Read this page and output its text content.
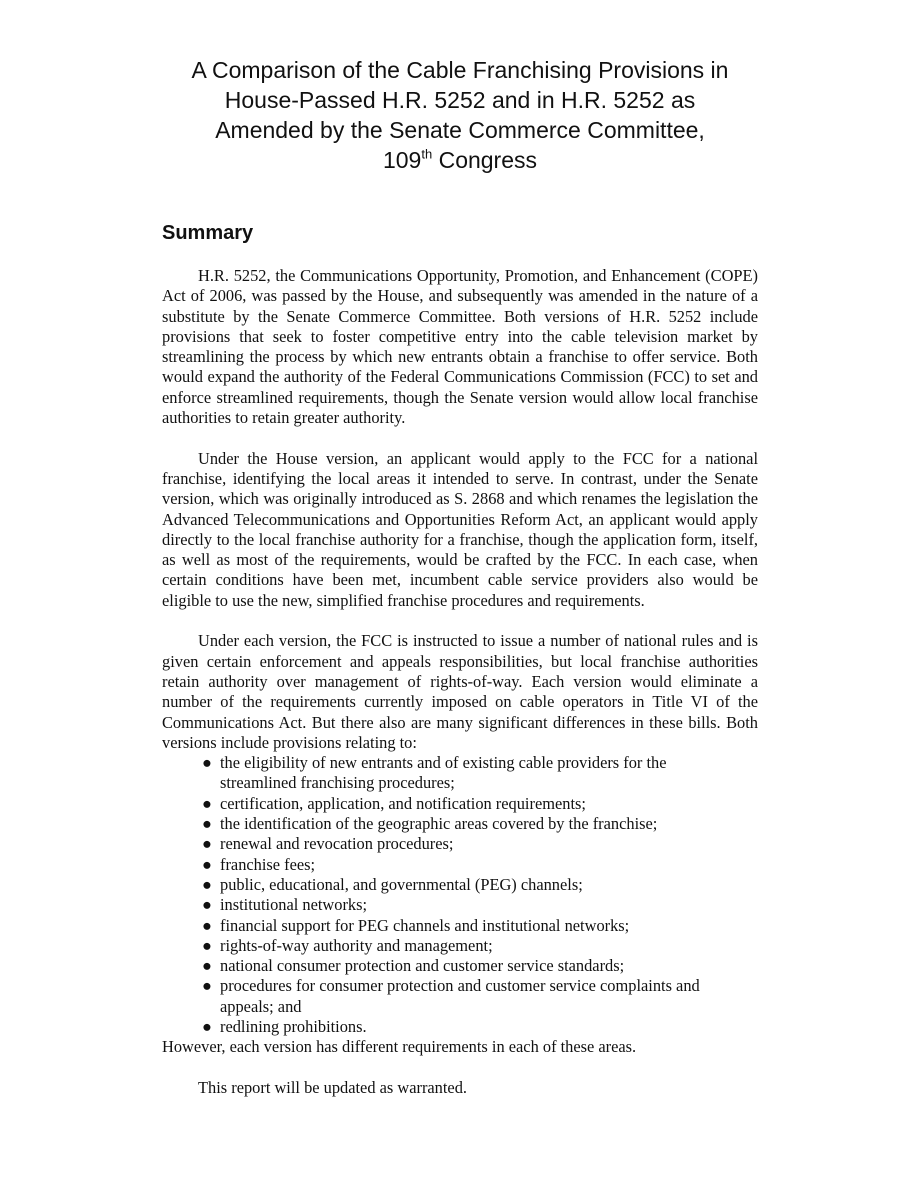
A Comparison of the Cable Franchising Provisions in
House-Passed H.R. 5252 and in H.R. 5252 as
Amended by the Senate Commerce Committee,
109th Congress
Summary

H.R. 5252, the Communications Opportunity, Promotion, and Enhancement (COPE) Act of 2006, was passed by the House, and subsequently was amended in the nature of a substitute by the Senate Commerce Committee. Both versions of H.R. 5252 include provisions that seek to foster competitive entry into the cable television market by streamlining the process by which new entrants obtain a franchise to offer service. Both would expand the authority of the Federal Communications Commission (FCC) to set and enforce streamlined requirements, though the Senate version would allow local franchise authorities to retain greater authority.

Under the House version, an applicant would apply to the FCC for a national franchise, identifying the local areas it intended to serve. In contrast, under the Senate version, which was originally introduced as S. 2868 and which renames the legislation the Advanced Telecommunications and Opportunities Reform Act, an applicant would apply directly to the local franchise authority for a franchise, though the application form, itself, as well as most of the requirements, would be crafted by the FCC. In each case, when certain conditions have been met, incumbent cable service providers also would be eligible to use the new, simplified franchise procedures and requirements.

Under each version, the FCC is instructed to issue a number of national rules and is given certain enforcement and appeals responsibilities, but local franchise authorities retain authority over management of rights-of-way. Each version would eliminate a number of the requirements currently imposed on cable operators in Title VI of the Communications Act. But there also are many significant differences in these bills. Both versions include provisions relating to:

● the eligibility of new entrants and of existing cable providers for the streamlined franchising procedures;
● certification, application, and notification requirements;
● the identification of the geographic areas covered by the franchise;
● renewal and revocation procedures;
● franchise fees;
● public, educational, and governmental (PEG) channels;
● institutional networks;
● financial support for PEG channels and institutional networks;
● rights-of-way authority and management;
● national consumer protection and customer service standards;
● procedures for consumer protection and customer service complaints and appeals; and
● redlining prohibitions.

However, each version has different requirements in each of these areas.

This report will be updated as warranted.
